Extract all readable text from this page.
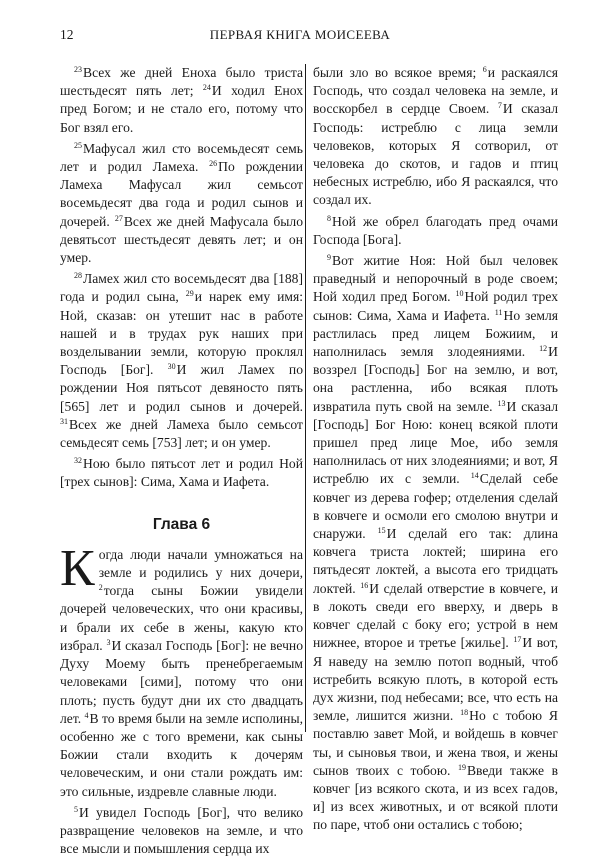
12	ПЕРВАЯ КНИГА МОИСЕЕВА

$^{23}$Всех же дней Еноха было триста шестьдесят пять лет; $^{24}$И ходил Енох пред Богом; и не стало его, потому что Бог взял его.

$^{25}$Мафусал жил сто восемьдесят семь лет и родил Ламеха. $^{26}$По рождении Ламеха Мафусал жил семьсот восемьдесят два года и родил сынов и дочерей. $^{27}$Всех же дней Мафусала было девятьсот шестьдесят девять лет; и он умер.

$^{28}$Ламех жил сто восемьдесят два [188] года и родил сына, $^{29}$и нарек ему имя: Ной, сказав: он утешит нас в работе нашей и в трудах рук наших при возделывании земли, которую проклял Господь [Бог]. $^{30}$И жил Ламех по рождении Ноя пятьсот девяносто пять [565] лет и родил сынов и дочерей. $^{31}$Всех же дней Ламеха было семьсот семьдесят семь [753] лет; и он умер.

$^{32}$Ною было пятьсот лет и родил Ной [трех сынов]: Сима, Хама и Иафета.

Глава 6

Когда люди начали умножаться на земле и родились у них дочери, $^2$тогда сыны Божии увидели дочерей человеческих, что они красивы, и брали их себе в жены, какую кто избрал. $^3$И сказал Господь [Бог]: не вечно Духу Моему быть пренебрегаемым человеками [сими], потому что они плоть; пусть будут дни их сто двадцать лет. $^4$В то время были на земле исполины, особенно же с того времени, как сыны Божии стали входить к дочерям человеческим, и они стали рождать им: это сильные, издревле славные люди.

$^5$И увидел Господь [Бог], что велико развращение человеков на земле, и что все мысли и помышления сердца их

были зло во всякое время; $^6$и раскаялся Господь, что создал человека на земле, и восскорбел в сердце Своем. $^7$И сказал Господь: истреблю с лица земли человеков, которых Я сотворил, от человека до скотов, и гадов и птиц небесных истреблю, ибо Я раскаялся, что создал их.

$^8$Ной же обрел благодать пред очами Господа [Бога].

$^9$Вот житие Ноя: Ной был человек праведный и непорочный в роде своем; Ной ходил пред Богом. $^{10}$Ной родил трех сынов: Сима, Хама и Иафета. $^{11}$Но земля растлилась пред лицем Божиим, и наполнилась земля злодеяниями. $^{12}$И воззрел [Господь] Бог на землю, и вот, она растленна, ибо всякая плоть извратила путь свой на земле. $^{13}$И сказал [Господь] Бог Ною: конец всякой плоти пришел пред лице Мое, ибо земля наполнилась от них злодеяниями; и вот, Я истреблю их с земли. $^{14}$Сделай себе ковчег из дерева гофер; отделения сделай в ковчеге и осмоли его смолою внутри и снаружи. $^{15}$И сделай его так: длина ковчега триста локтей; ширина его пятьдесят локтей, а высота его тридцать локтей. $^{16}$И сделай отверстие в ковчеге, и в локоть сведи его вверху, и дверь в ковчег сделай с боку его; устрой в нем нижнее, второе и третье [жилье]. $^{17}$И вот, Я наведу на землю потоп водный, чтоб истребить всякую плоть, в которой есть дух жизни, под небесами; все, что есть на земле, лишится жизни. $^{18}$Но с тобою Я поставлю завет Мой, и войдешь в ковчег ты, и сыновья твои, и жена твоя, и жены сынов твоих с тобою. $^{19}$Введи также в ковчег [из всякого скота, и из всех гадов, и] из всех животных, и от всякой плоти по паре, чтоб они остались с тобою;
